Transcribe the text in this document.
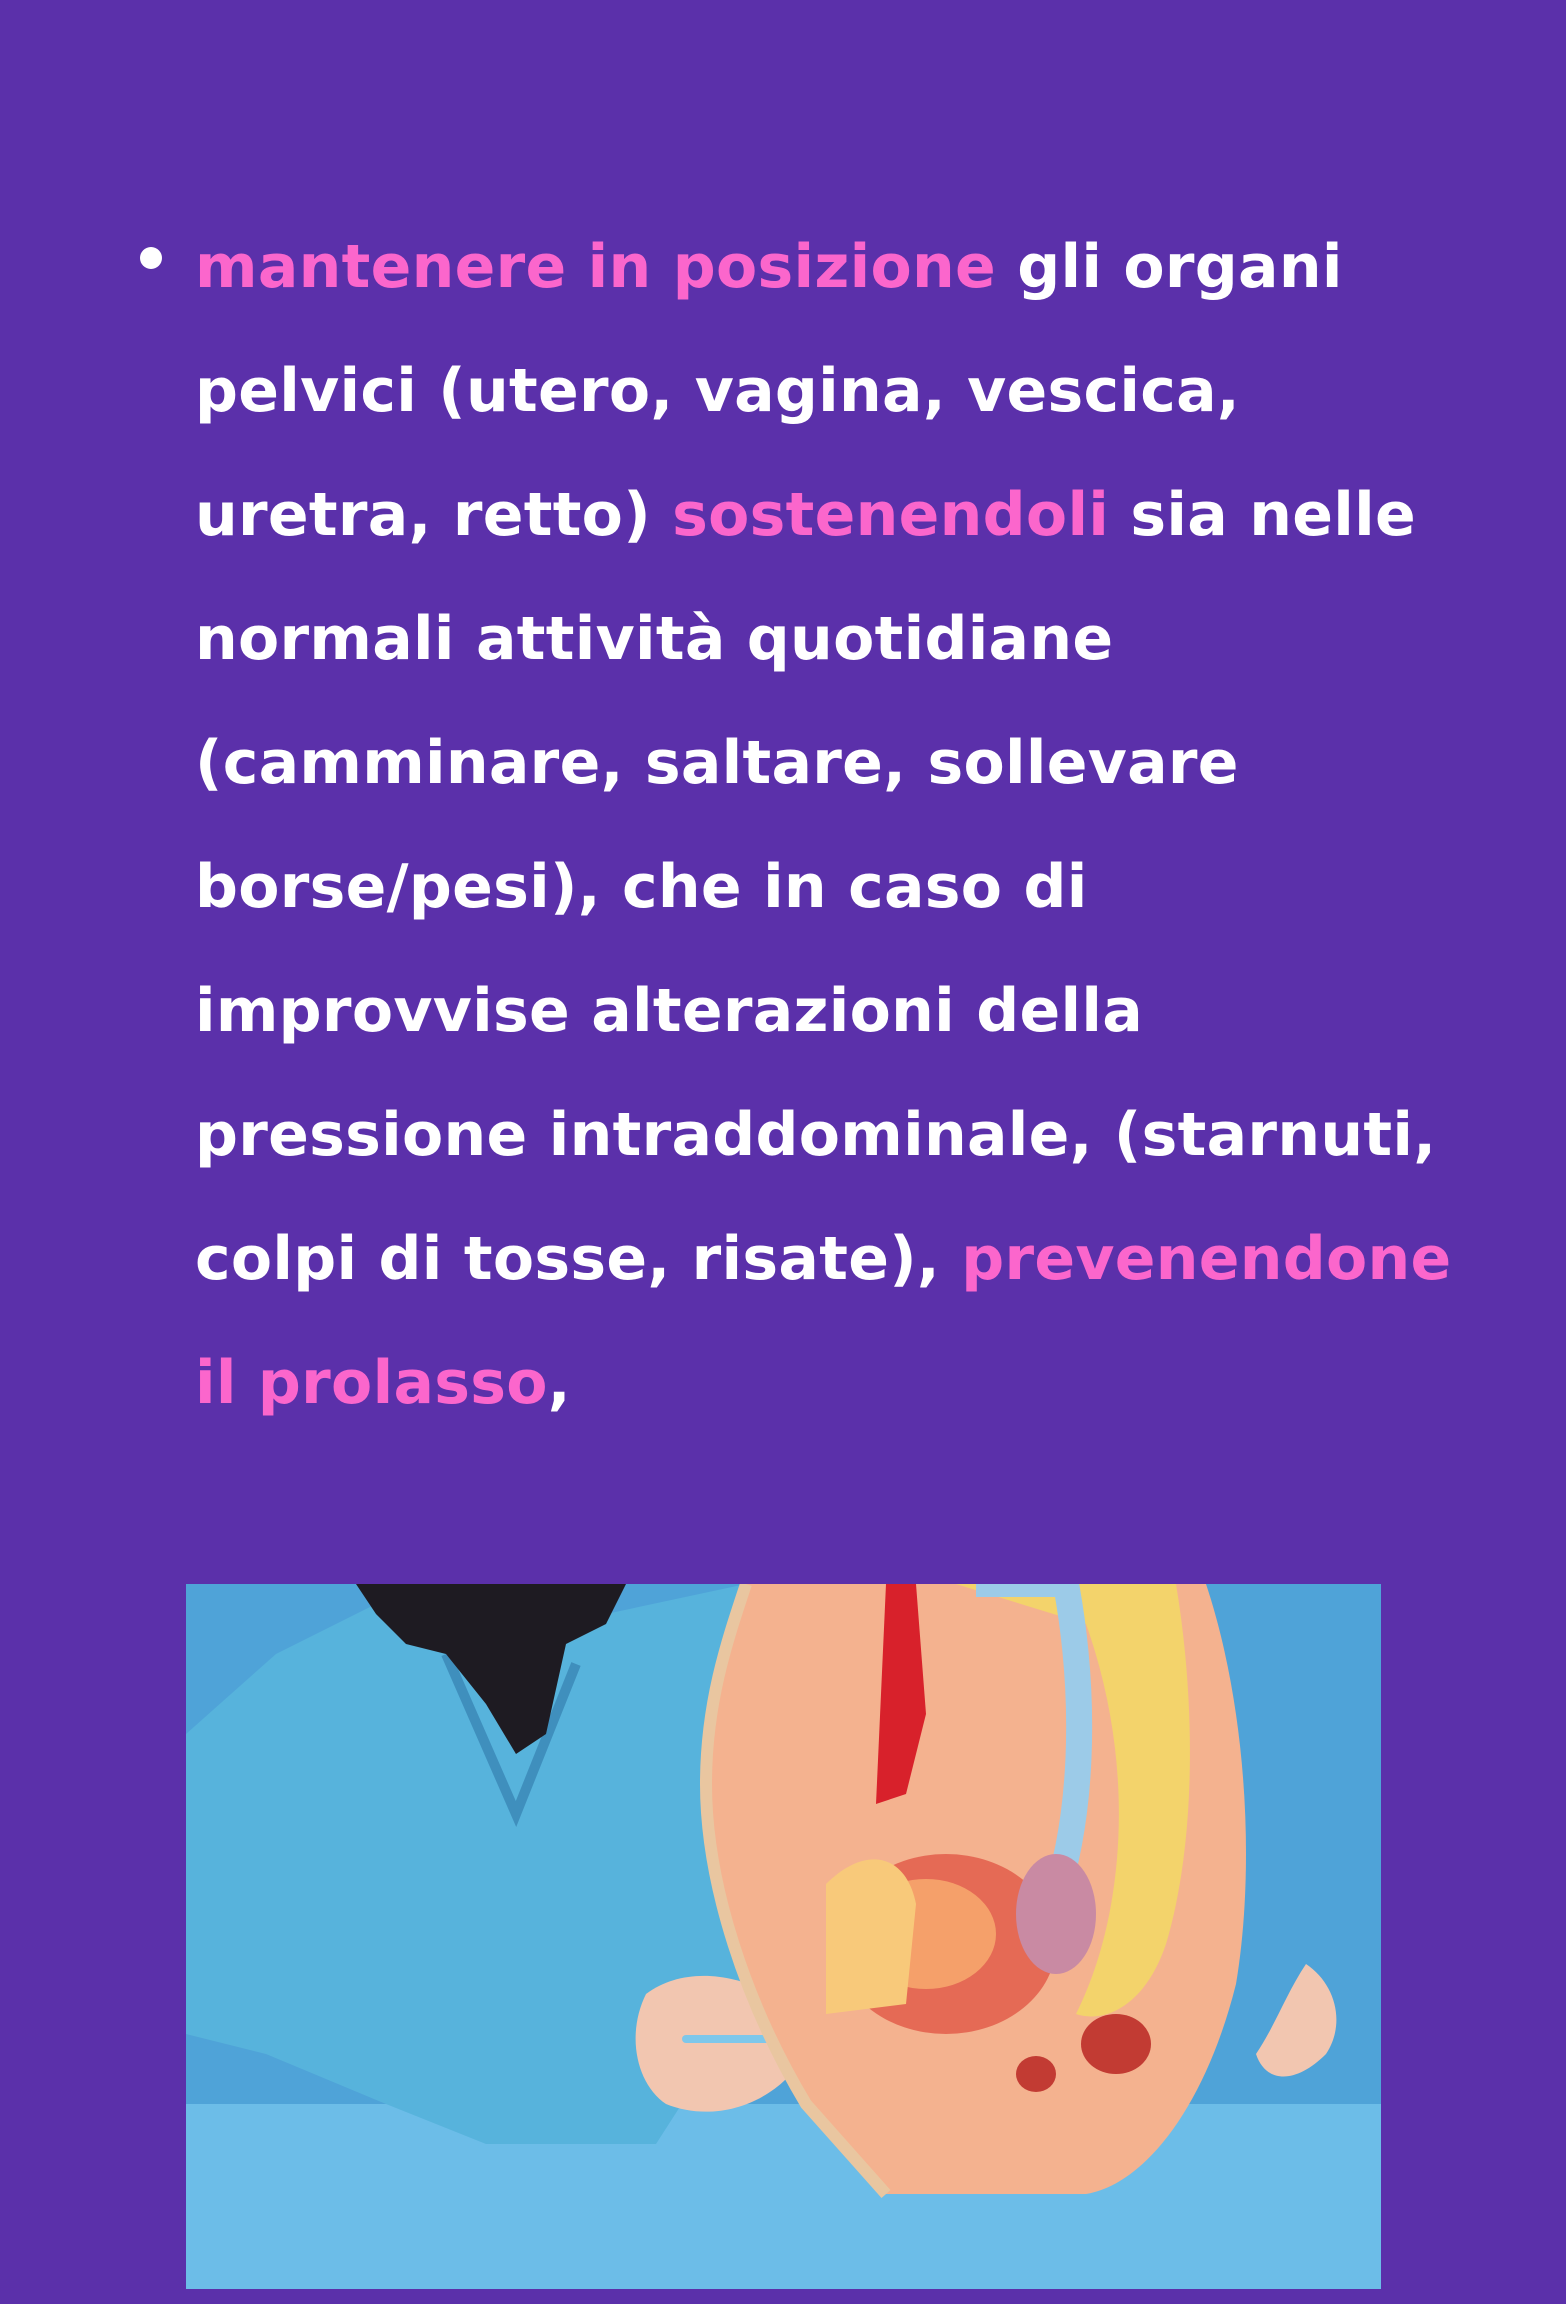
mantenere in posizione gli organi pelvici (utero, vagina, vescica, uretra, retto) sostenendoli sia nelle normali attività quotidiane (camminare, saltare, sollevare borse/pesi), che in caso di improvvise alterazioni della pressione intraddominale, (starnuti, colpi di tosse, risate), prevenendone il prolasso,
